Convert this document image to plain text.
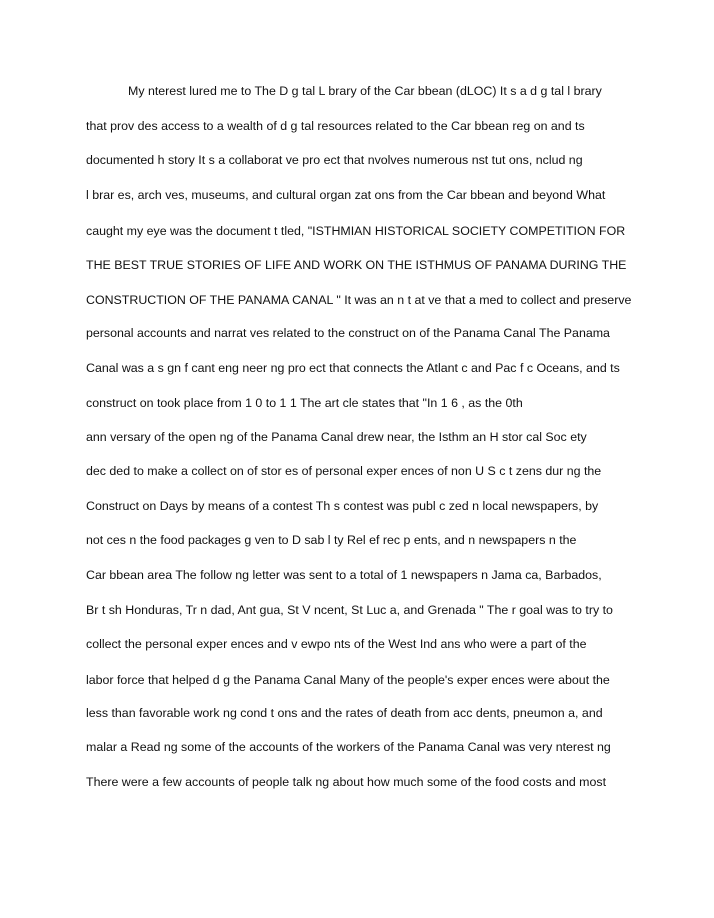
My nterest lured me to The D g tal L brary of the Car bbean (dLOC) It s a d g tal l brary
that prov des access to a wealth of d g tal resources related to the Car bbean reg on and ts
documented h story It s a collaborat ve pro ect that nvolves numerous nst tut ons, nclud ng
l brar es, arch ves, museums, and cultural organ zat ons from the Car bbean and beyond What
caught my eye was the document t tled, "ISTHMIAN HISTORICAL SOCIETY COMPETITION FOR
THE BEST TRUE STORIES OF LIFE AND WORK ON THE ISTHMUS OF PANAMA DURING THE
CONSTRUCTION OF THE PANAMA CANAL " It was an n t at ve that a med to collect and preserve
personal accounts and narrat ves related to the construct on of the Panama Canal The Panama
Canal was a s gn f cant eng neer ng pro ect that connects the Atlant c and Pac f c Oceans, and ts
construct on took place from 1 0 to 1 1 The art cle states that "In 1 6 , as the 0th
ann versary of the open ng of the Panama Canal drew near, the Isthm an H stor cal Soc ety
dec ded to make a collect on of stor es of personal exper ences of non U S c t zens dur ng the
Construct on Days by means of a contest Th s contest was publ c zed n local newspapers, by
not ces n the food packages g ven to D sab l ty Rel ef rec p ents, and n newspapers n the
Car bbean area The follow ng letter was sent to a total of 1 newspapers n Jama ca, Barbados,
Br t sh Honduras, Tr n dad, Ant gua, St V ncent, St Luc a, and Grenada " The r goal was to try to
collect the personal exper ences and v ewpo nts of the West Ind ans who were a part of the
labor force that helped d g the Panama Canal Many of the people's exper ences were about the
less than favorable work ng cond t ons and the rates of death from acc dents, pneumon a, and
malar a Read ng some of the accounts of the workers of the Panama Canal was very nterest ng
There were a few accounts of people talk ng about how much some of the food costs and most
